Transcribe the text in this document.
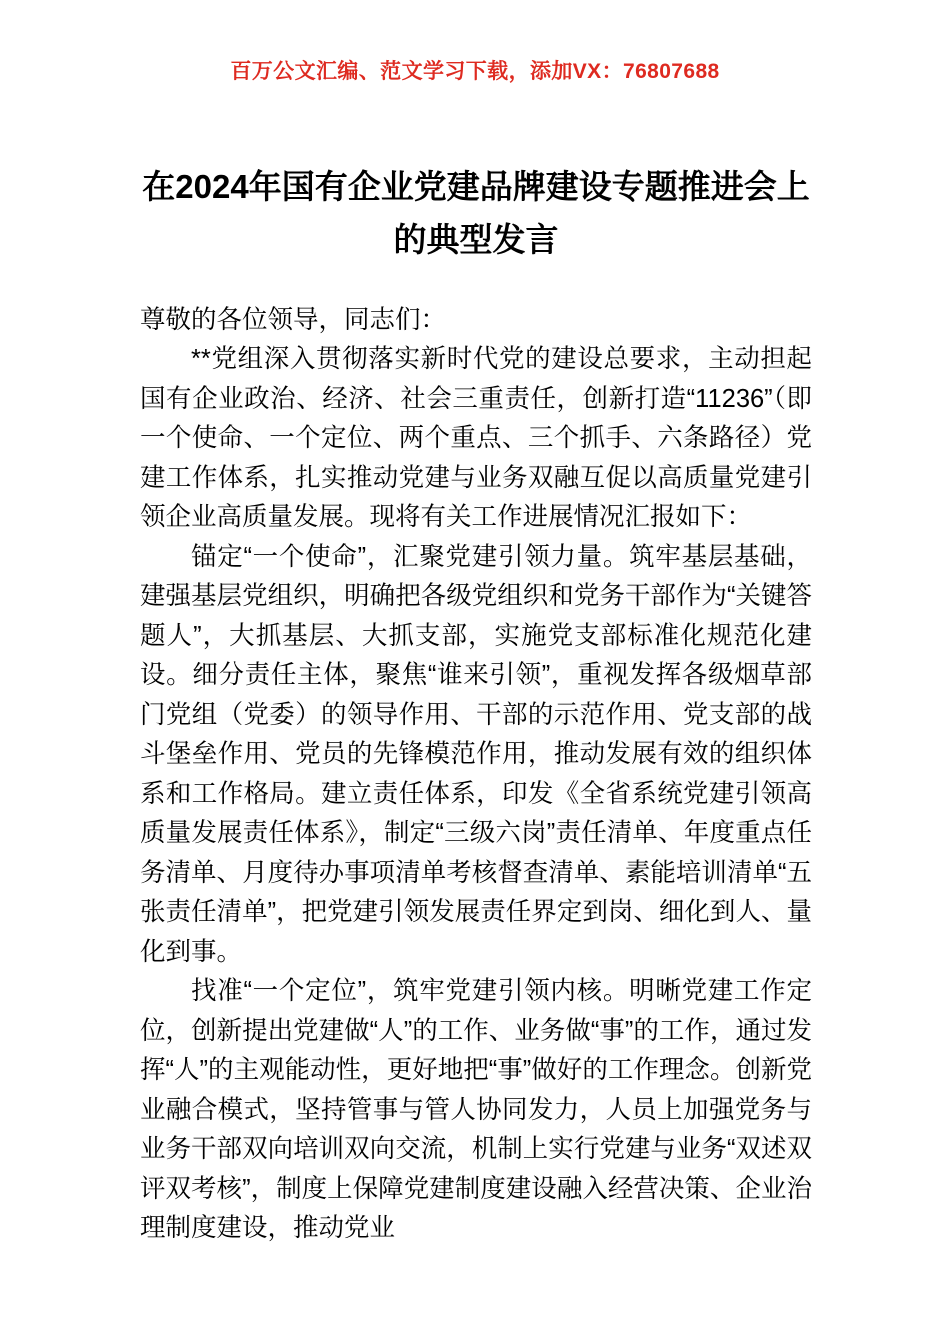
百万公文汇编、范文学习下载，添加VX：76807688
在2024年国有企业党建品牌建设专题推进会上的典型发言

尊敬的各位领导，同志们：

**党组深入贯彻落实新时代党的建设总要求，主动担起国有企业政治、经济、社会三重责任，创新打造“11236”（即一个使命、一个定位、两个重点、三个抓手、六条路径）党建工作体系，扎实推动党建与业务双融互促以高质量党建引领企业高质量发展。现将有关工作进展情况汇报如下：

锚定“一个使命”，汇聚党建引领力量。筑牢基层基础，建强基层党组织，明确把各级党组织和党务干部作为“关键答题人”，大抓基层、大抓支部，实施党支部标准化规范化建设。细分责任主体，聚焦“谁来引领”，重视发挥各级烟草部门党组（党委）的领导作用、干部的示范作用、党支部的战斗堡垒作用、党员的先锋模范作用，推动发展有效的组织体系和工作格局。建立责任体系，印发《全省系统党建引领高质量发展责任体系》，制定“三级六岗”责任清单、年度重点任务清单、月度待办事项清单考核督查清单、素能培训清单“五张责任清单”，把党建引领发展责任界定到岗、细化到人、量化到事。

找准“一个定位”，筑牢党建引领内核。明晰党建工作定位，创新提出党建做“人”的工作、业务做“事”的工作，通过发挥“人”的主观能动性，更好地把“事”做好的工作理念。创新党业融合模式，坚持管事与管人协同发力，人员上加强党务与业务干部双向培训双向交流，机制上实行党建与业务“双述双评双考核”，制度上保障党建制度建设融入经营决策、企业治理制度建设，推动党业
